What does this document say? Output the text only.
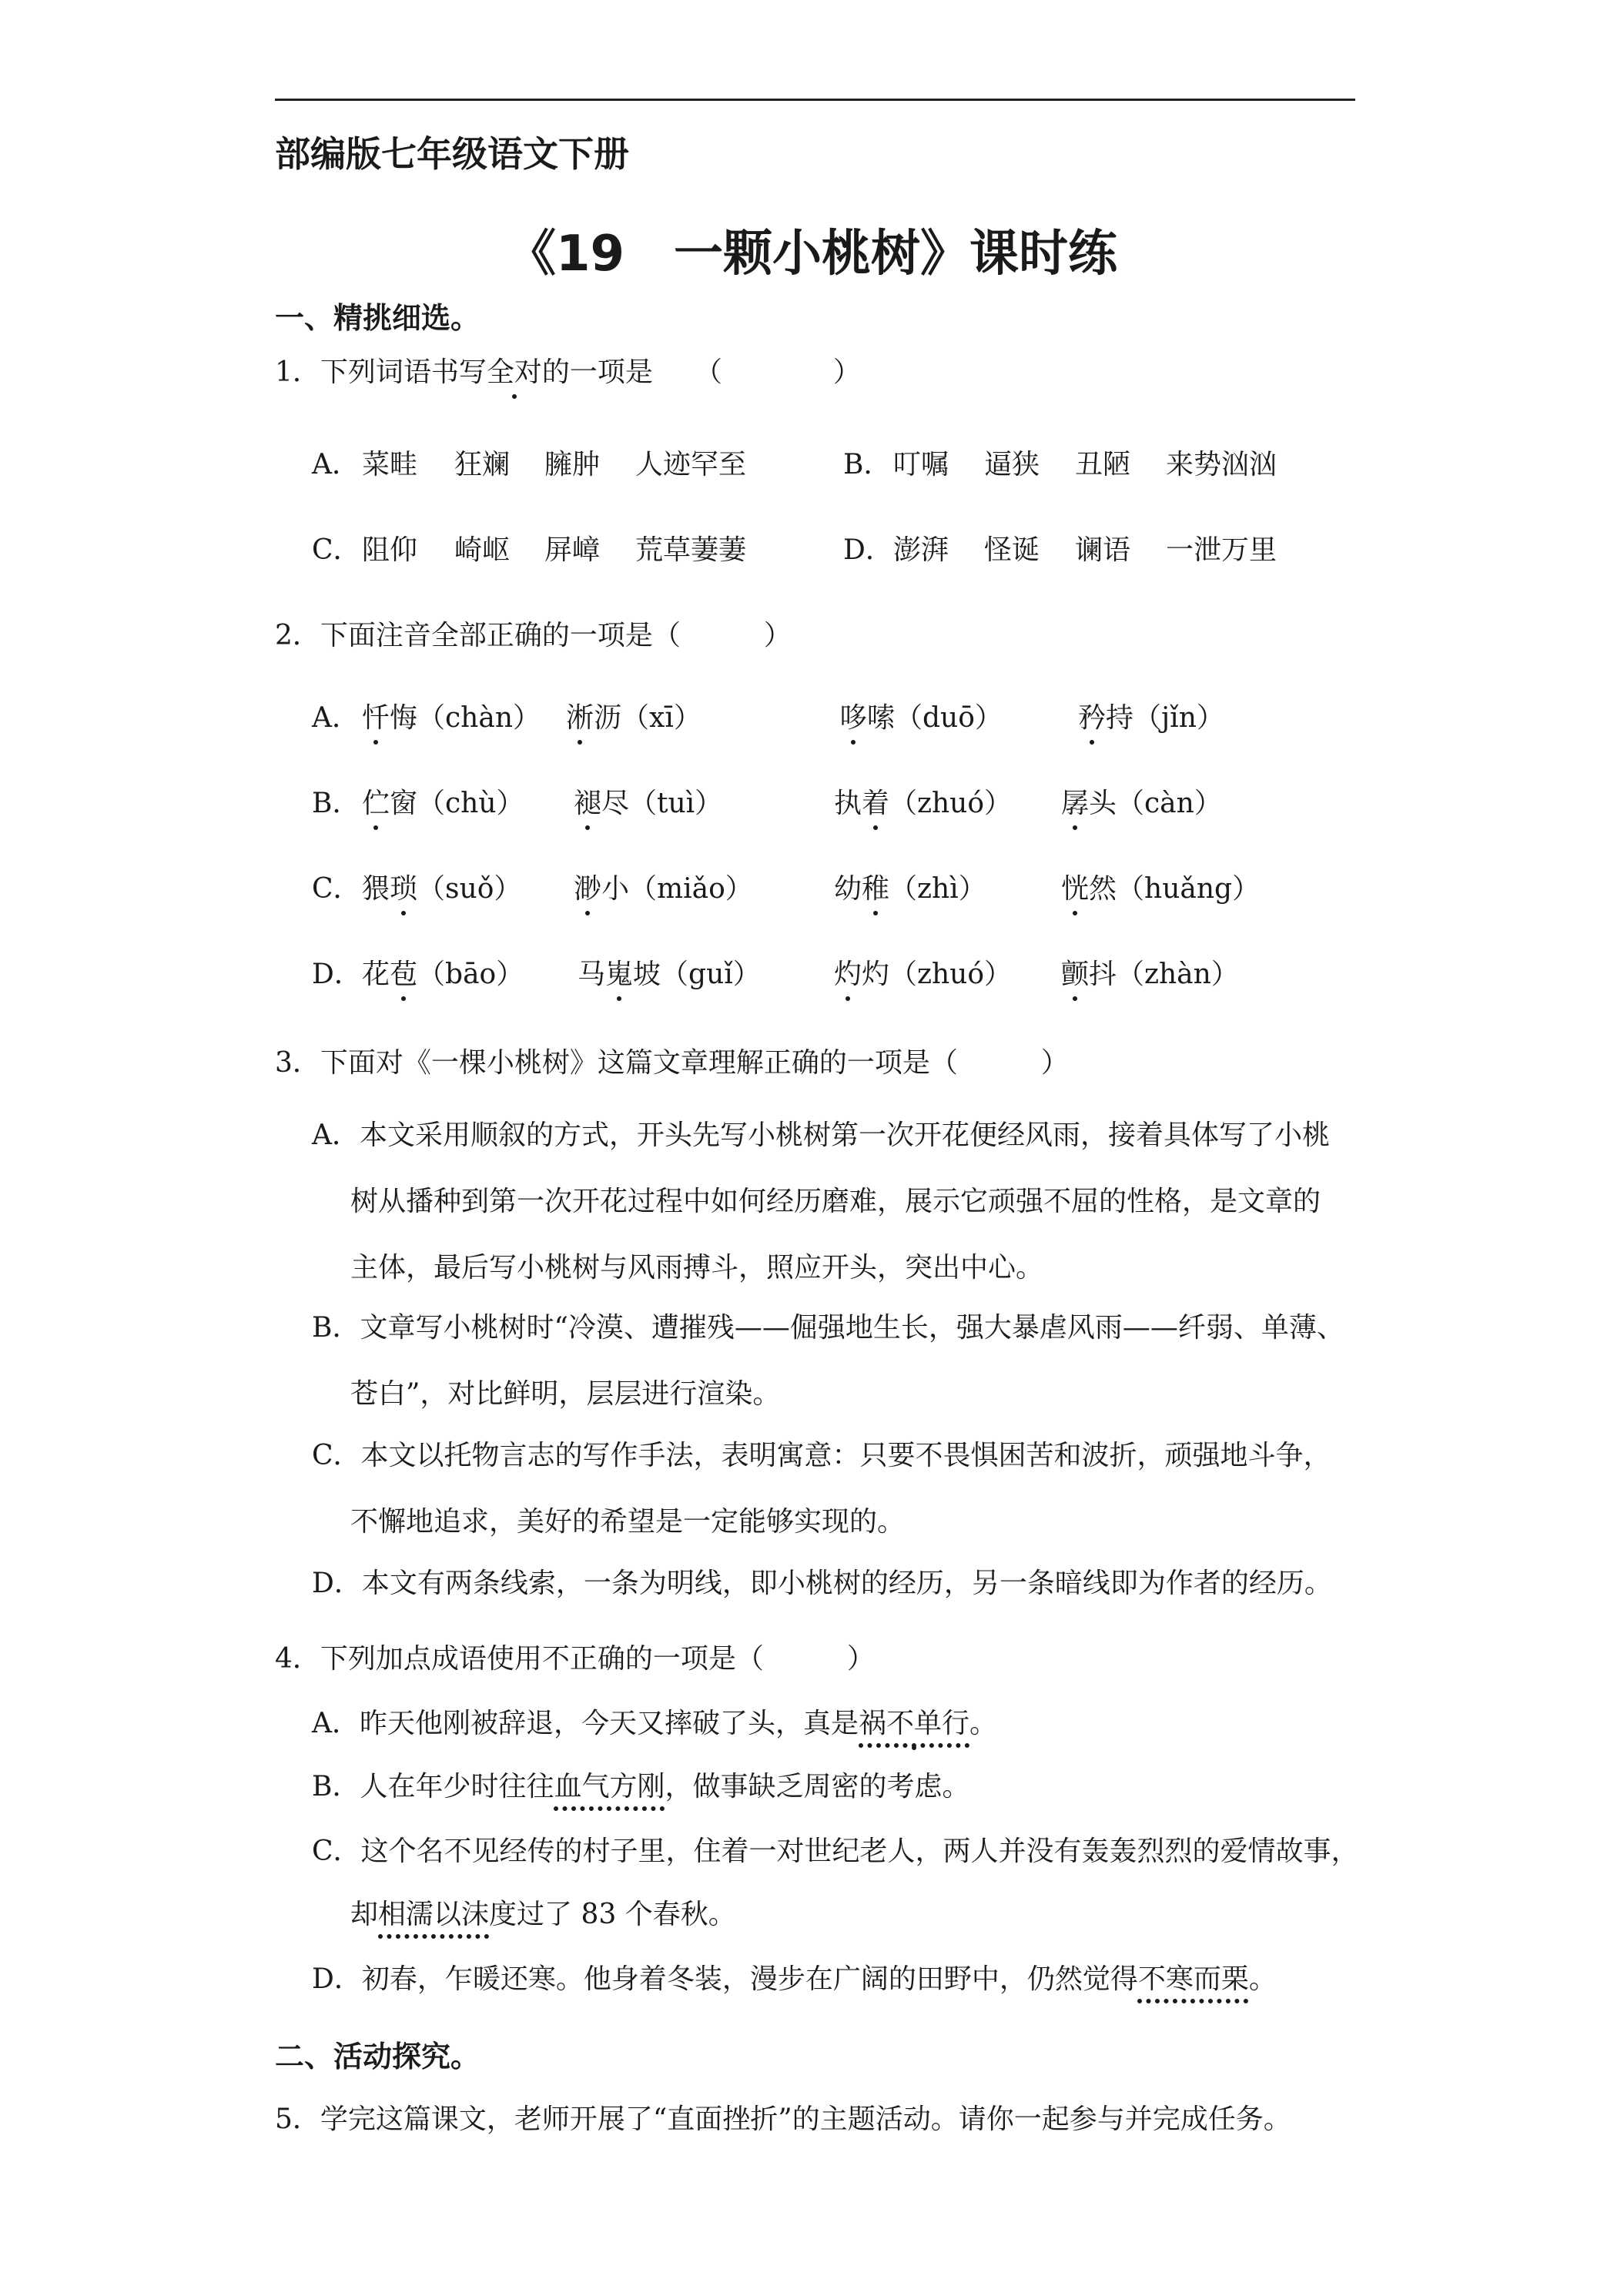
部编版七年级语文下册
《19　一颗小桃树》课时练
一、精挑细选。
1．下列词语书写全对的一项是　　（　　　　）
A． 菜畦 狂斓 臃肿 人迹罕至	B． 叮嘱 逼狭 丑陋 来势汹汹
C． 阻仰 崎岖 屏嶂 荒草萋萋	D． 澎湃 怪诞 谰语 一泄万里
2．下面注音全部正确的一项是（　　　）
A． 忏悔（chàn） 淅沥（xī）	哆嗦（duō）	矜持（jǐn）
B． 伫窗（chù） 褪尽（tuì）	执着（zhuó） 孱头（càn）
C． 猥琐（suǒ） 渺小（miǎo）	幼稚（zhì）	恍然（huǎng）
D． 花苞（bāo） 马嵬坡（guǐ）	灼灼（zhuó） 颤抖（zhàn）
3．下面对《一棵小桃树》这篇文章理解正确的一项是（　　　）
A．本文采用顺叙的方式，开头先写小桃树第一次开花便经风雨，接着具体写了小桃
树从播种到第一次开花过程中如何经历磨难，展示它顽强不屈的性格，是文章的
主体，最后写小桃树与风雨搏斗，照应开头，突出中心。
B．文章写小桃树时“冷漠、遭摧残——倔强地生长，强大暴虐风雨——纤弱、单薄、
苍白”，对比鲜明，层层进行渲染。
C．本文以托物言志的写作手法，表明寓意：只要不畏惧困苦和波折，顽强地斗争，
不懈地追求，美好的希望是一定能够实现的。
D．本文有两条线索，一条为明线，即小桃树的经历，另一条暗线即为作者的经历。
4．下列加点成语使用不正确的一项是（　　　）
A．昨天他刚被辞退，今天又摔破了头，真是祸不单行。
B．人在年少时往往血气方刚，做事缺乏周密的考虑。
C．这个名不见经传的村子里，住着一对世纪老人，两人并没有轰轰烈烈的爱情故事，
却相濡以沫度过了 83 个春秋。
D．初春，乍暖还寒。他身着冬装，漫步在广阔的田野中，仍然觉得不寒而栗。
二、活动探究。
5．学完这篇课文，老师开展了“直面挫折”的主题活动。请你一起参与并完成任务。
